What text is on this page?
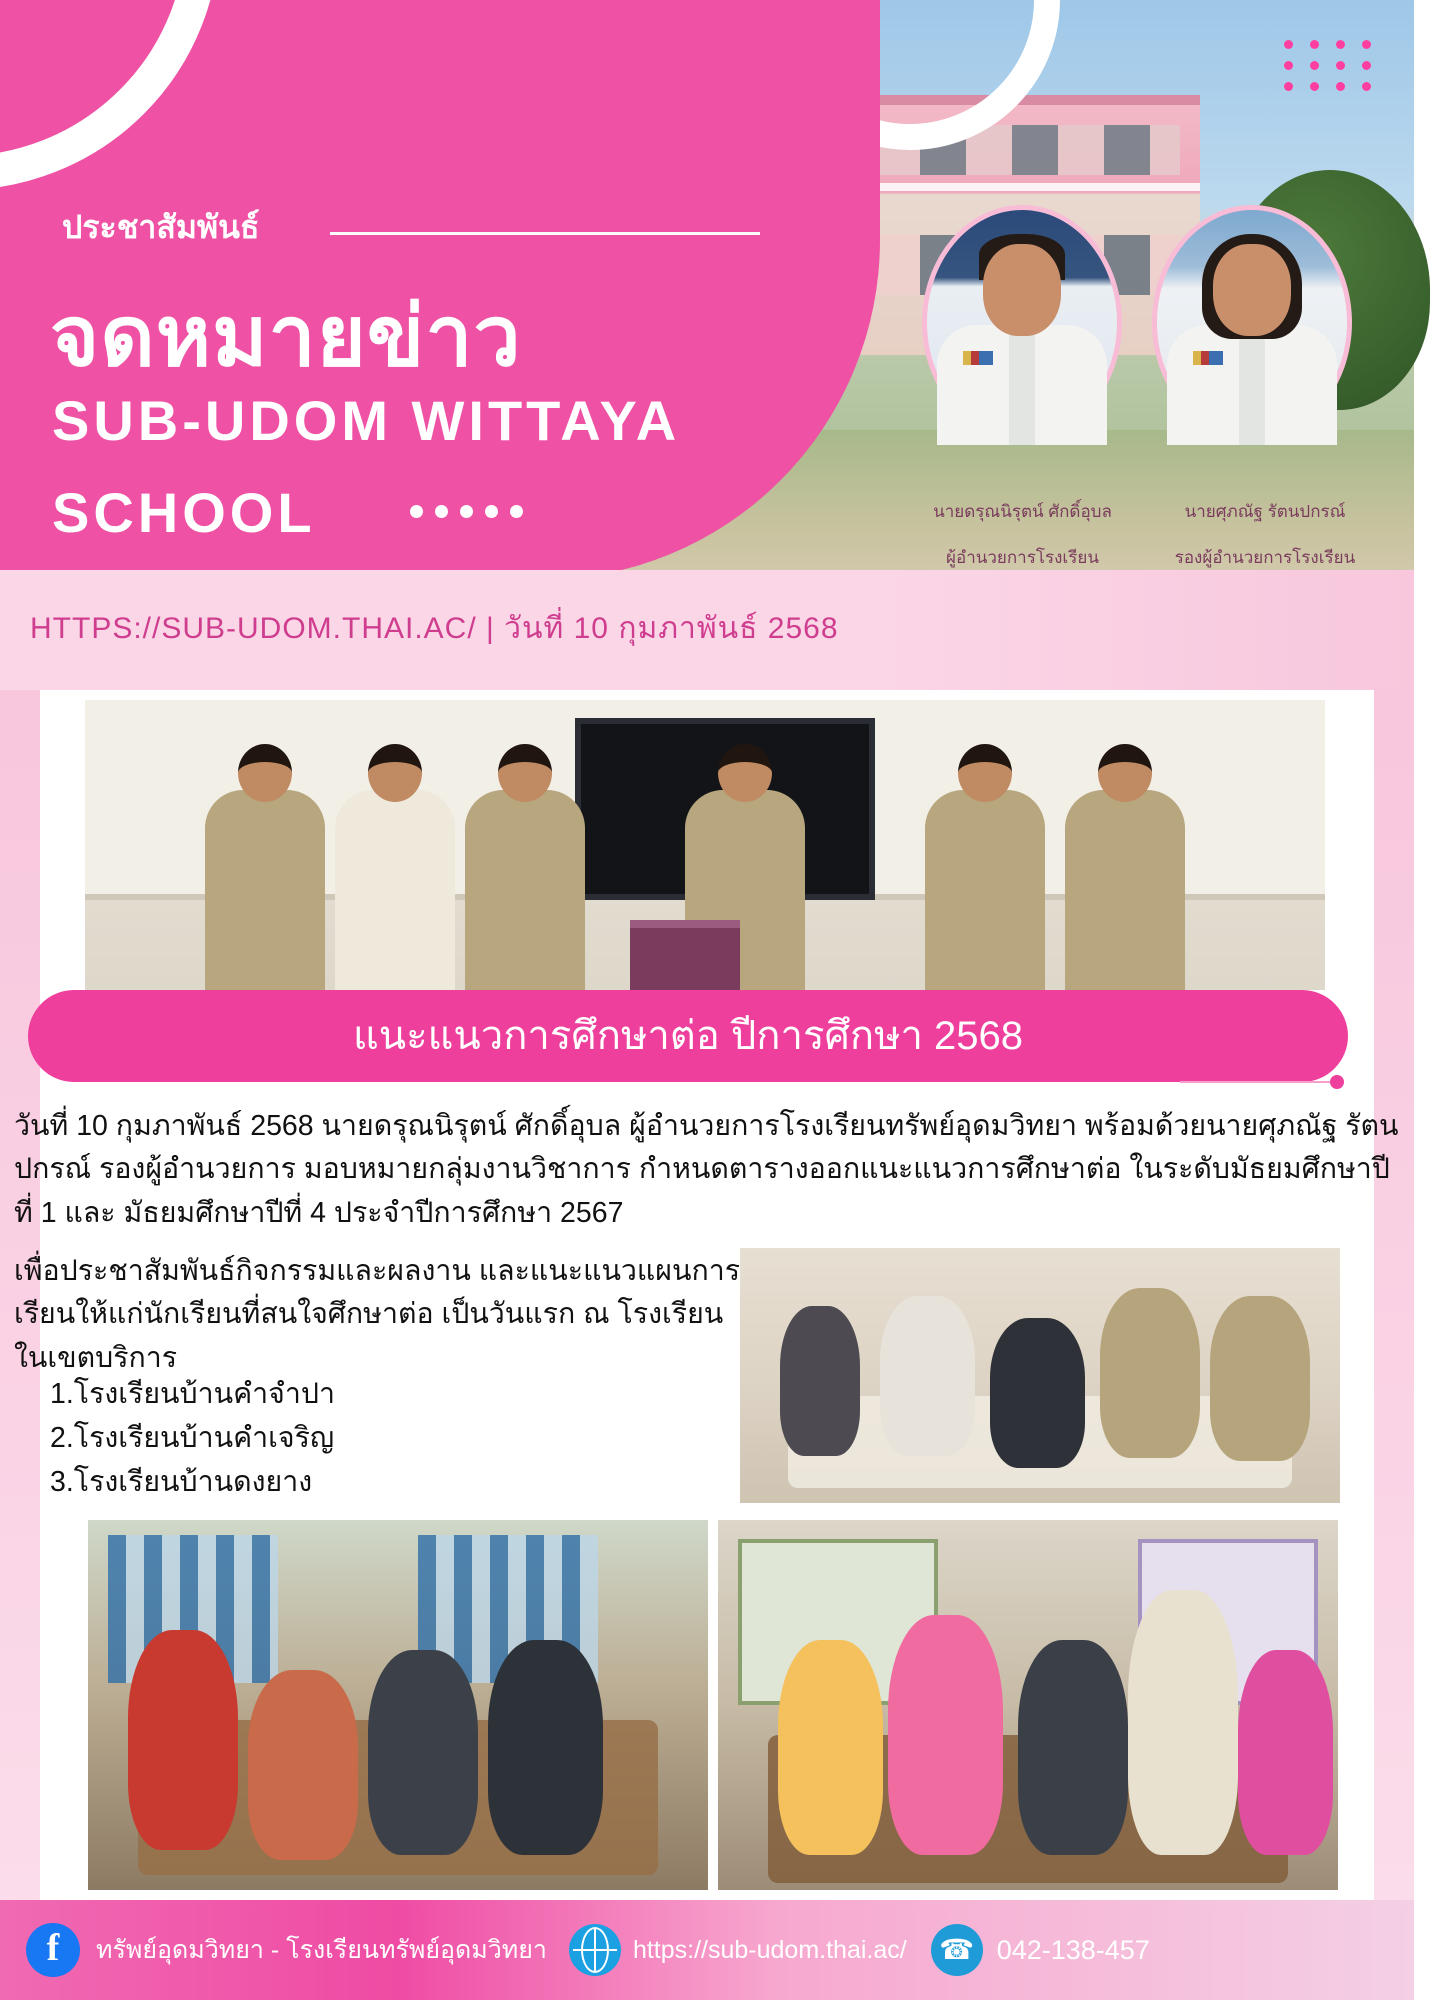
ประชาสัมพันธ์
จดหมายข่าว
SUB-UDOM WITTAYA
SCHOOL	นายดรุณนิรุตน์ ศักดิ์อุบล

ผู้อำนวยการโรงเรียน

นายศุภณัฐ รัตนปกรณ์

รองผู้อำนวยการโรงเรียน

HTTPS://SUB-UDOM.THAI.AC/ | วันที่ 10 กุมภาพันธ์ 2568
แนะแนวการศึกษาต่อ ปีการศึกษา 2568

วันที่ 10 กุมภาพันธ์ 2568 นายดรุณนิรุตน์ ศักดิ์อุบล ผู้อำนวยการโรงเรียนทรัพย์อุดมวิทยา พร้อมด้วยนายศุภณัฐ รัตนปกรณ์ รองผู้อำนวยการ มอบหมายกลุ่มงานวิชาการ กำหนดตารางออกแนะแนวการศึกษาต่อ ในระดับมัธยมศึกษาปีที่ 1 และ มัธยมศึกษาปีที่ 4 ประจำปีการศึกษา 2567

เพื่อประชาสัมพันธ์กิจกรรมและผลงาน และแนะแนวแผนการเรียนให้แก่นักเรียนที่สนใจศึกษาต่อ เป็นวันแรก ณ โรงเรียนในเขตบริการ

1.โรงเรียนบ้านคำจำปา
2.โรงเรียนบ้านคำเจริญ
3.โรงเรียนบ้านดงยาง
f	ทรัพย์อุดมวิทยา - โรงเรียนทรัพย์อุดมวิทยา	https://sub-udom.thai.ac/	☎ 042-138-457
